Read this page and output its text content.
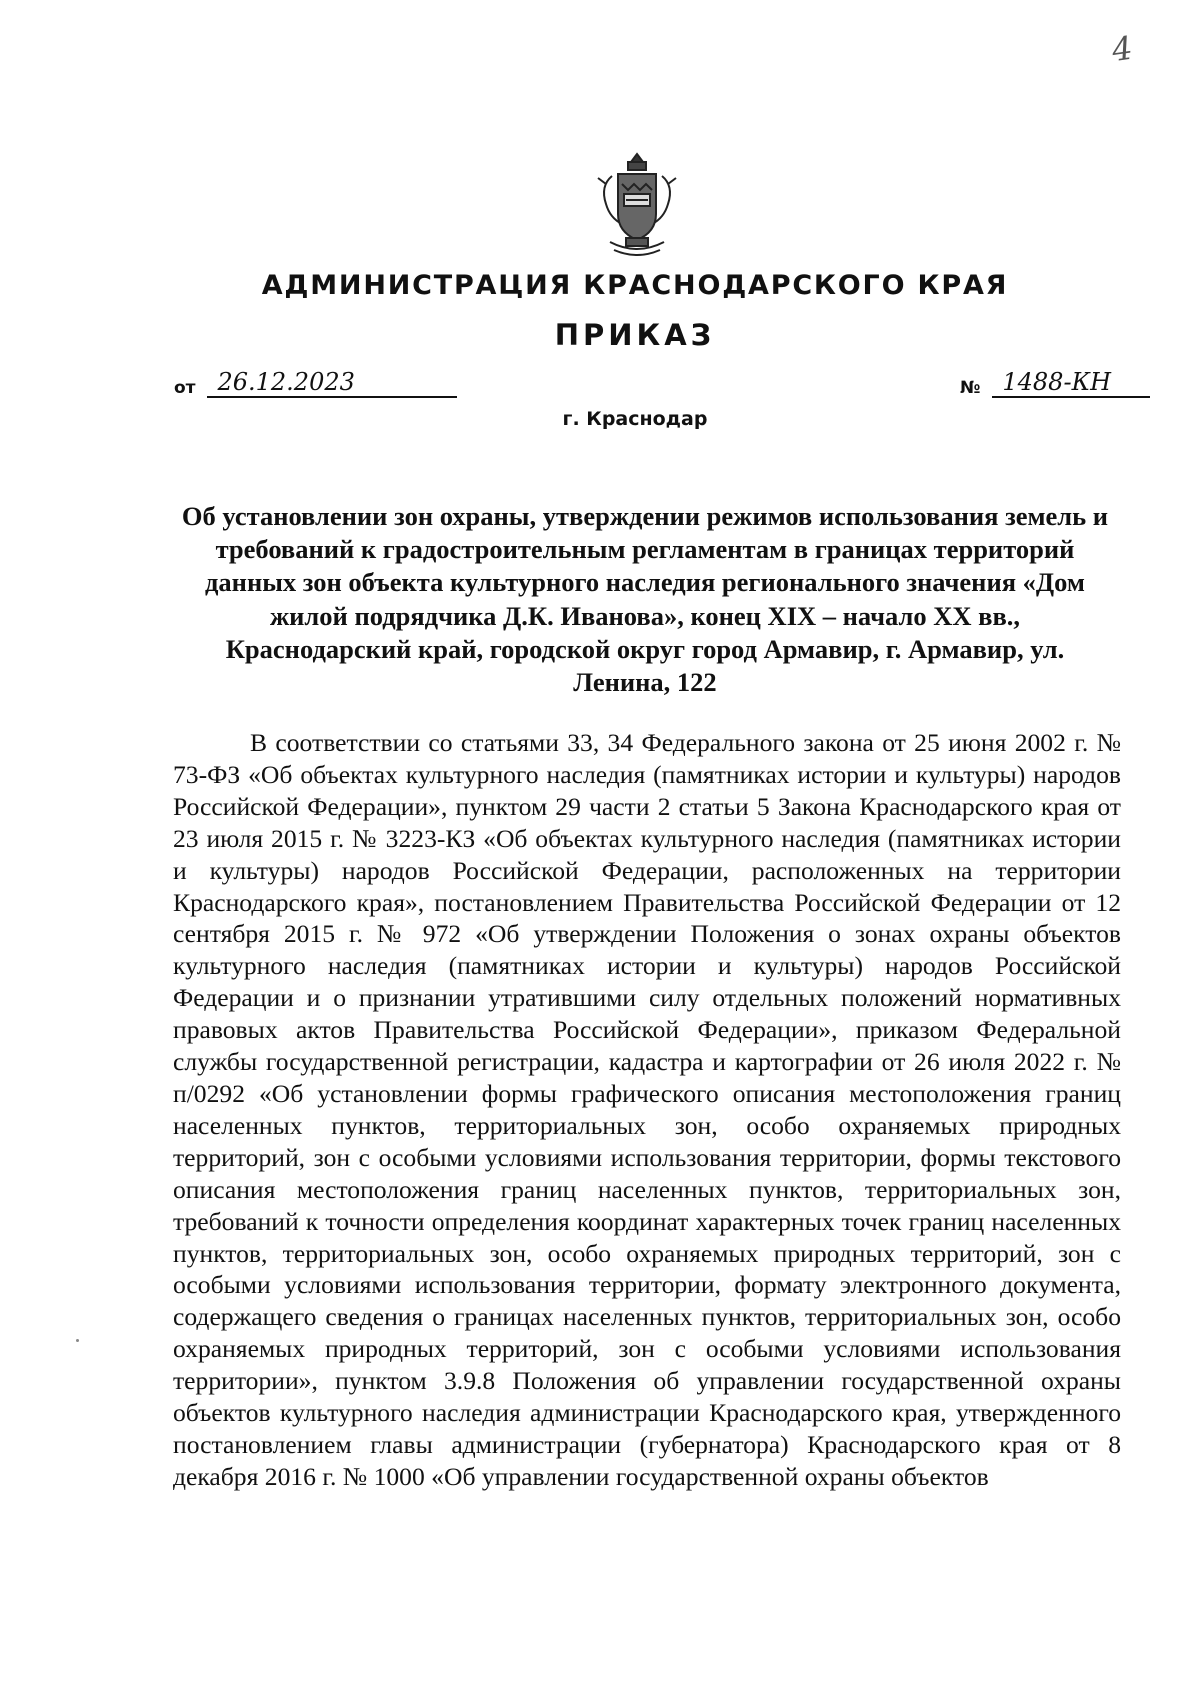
4
АДМИНИСТРАЦИЯ КРАСНОДАРСКОГО КРАЯ
ПРИКАЗ
от 26.12.2023	№ 1488-КН
г. Краснодар
Об установлении зон охраны, утверждении режимов использования земель и требований к градостроительным регламентам в границах территорий данных зон объекта культурного наследия регионального значения «Дом жилой подрядчика Д.К. Иванова», конец XIX – начало XX вв., Краснодарский край, городской округ город Армавир, г. Армавир, ул. Ленина, 122

В соответствии со статьями 33, 34 Федерального закона от 25 июня 2002 г. № 73-ФЗ «Об объектах культурного наследия (памятниках истории и культуры) народов Российской Федерации», пунктом 29 части 2 статьи 5 Закона Краснодарского края от 23 июля 2015 г. № 3223-КЗ «Об объектах культурного наследия (памятниках истории и культуры) народов Российской Федерации, расположенных на территории Краснодарского края», постановлением Правительства Российской Федерации от 12 сентября 2015 г. № 972 «Об утверждении Положения о зонах охраны объектов культурного наследия (памятниках истории и культуры) народов Российской Федерации и о признании утратившими силу отдельных положений нормативных правовых актов Правительства Российской Федерации», приказом Федеральной службы государственной регистрации, кадастра и картографии от 26 июля 2022 г. № п/0292 «Об установлении формы графического описания местоположения границ населенных пунктов, территориальных зон, особо охраняемых природных территорий, зон с особыми условиями использования территории, формы текстового описания местоположения границ населенных пунктов, территориальных зон, требований к точности определения координат характерных точек границ населенных пунктов, территориальных зон, особо охраняемых природных территорий, зон с особыми условиями использования территории, формату электронного документа, содержащего сведения о границах населенных пунктов, территориальных зон, особо охраняемых природных территорий, зон с особыми условиями использования территории», пунктом 3.9.8 Положения об управлении государственной охраны объектов культурного наследия администрации Краснодарского края, утвержденного постановлением главы администрации (губернатора) Краснодарского края от 8 декабря 2016 г. № 1000 «Об управлении государственной охраны объектов
